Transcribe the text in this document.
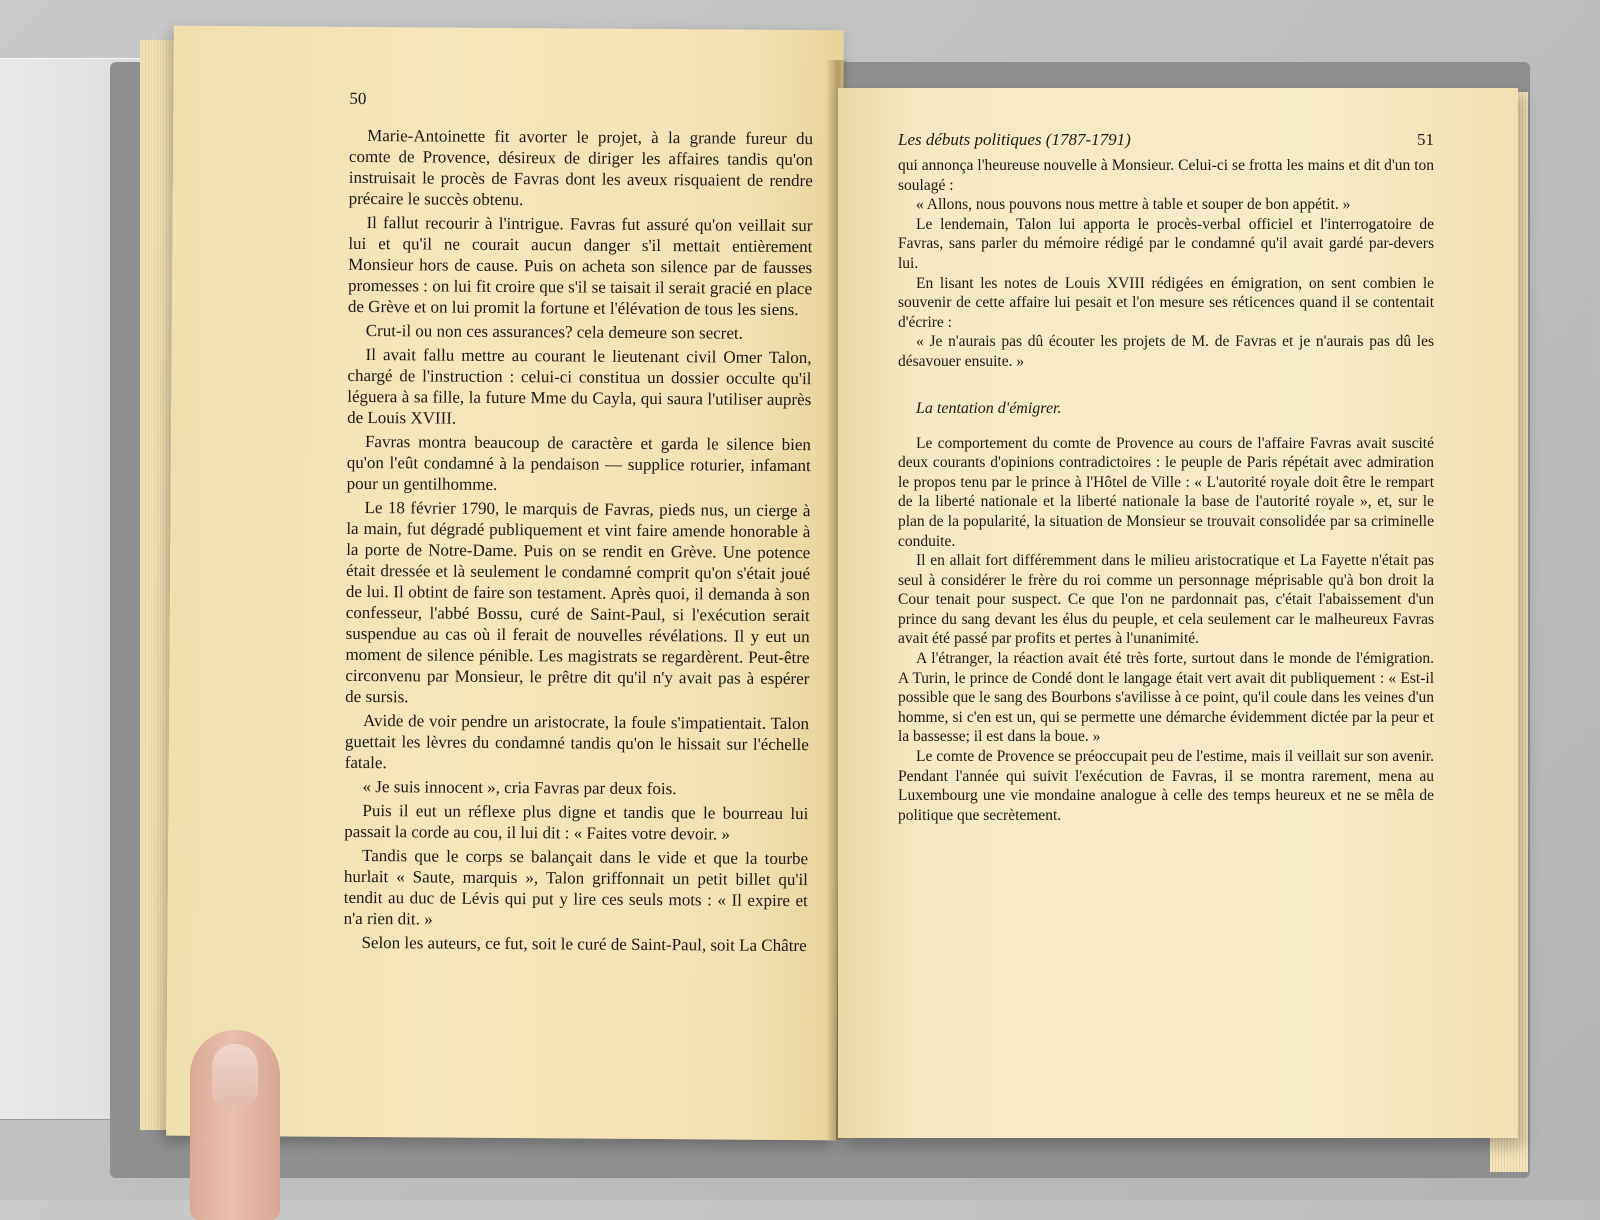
50

Marie-Antoinette fit avorter le projet, à la grande fureur du comte de Provence, désireux de diriger les affaires tandis qu'on instruisait le procès de Favras dont les aveux risquaient de rendre précaire le succès obtenu.

Il fallut recourir à l'intrigue. Favras fut assuré qu'on veillait sur lui et qu'il ne courait aucun danger s'il mettait entièrement Monsieur hors de cause. Puis on acheta son silence par de fausses promesses : on lui fit croire que s'il se taisait il serait gracié en place de Grève et on lui promit la fortune et l'élévation de tous les siens.

Crut-il ou non ces assurances? cela demeure son secret.

Il avait fallu mettre au courant le lieutenant civil Omer Talon, chargé de l'instruction : celui-ci constitua un dossier occulte qu'il léguera à sa fille, la future Mme du Cayla, qui saura l'utiliser auprès de Louis XVIII.

Favras montra beaucoup de caractère et garda le silence bien qu'on l'eût condamné à la pendaison — supplice roturier, infamant pour un gentilhomme.

Le 18 février 1790, le marquis de Favras, pieds nus, un cierge à la main, fut dégradé publiquement et vint faire amende honorable à la porte de Notre-Dame. Puis on se rendit en Grève. Une potence était dressée et là seulement le condamné comprit qu'on s'était joué de lui. Il obtint de faire son testament. Après quoi, il demanda à son confesseur, l'abbé Bossu, curé de Saint-Paul, si l'exécution serait suspendue au cas où il ferait de nouvelles révélations. Il y eut un moment de silence pénible. Les magistrats se regardèrent. Peut-être circonvenu par Monsieur, le prêtre dit qu'il n'y avait pas à espérer de sursis.

Avide de voir pendre un aristocrate, la foule s'impatientait. Talon guettait les lèvres du condamné tandis qu'on le hissait sur l'échelle fatale.

« Je suis innocent », cria Favras par deux fois.

Puis il eut un réflexe plus digne et tandis que le bourreau lui passait la corde au cou, il lui dit : « Faites votre devoir. »

Tandis que le corps se balançait dans le vide et que la tourbe hurlait « Saute, marquis », Talon griffonnait un petit billet qu'il tendit au duc de Lévis qui put y lire ces seuls mots : « Il expire et n'a rien dit. »

Selon les auteurs, ce fut, soit le curé de Saint-Paul, soit La Châtre

Les débuts politiques (1787-1791)	51

qui annonça l'heureuse nouvelle à Monsieur. Celui-ci se frotta les mains et dit d'un ton soulagé :

« Allons, nous pouvons nous mettre à table et souper de bon appétit. »

Le lendemain, Talon lui apporta le procès-verbal officiel et l'interrogatoire de Favras, sans parler du mémoire rédigé par le condamné qu'il avait gardé par-devers lui.

En lisant les notes de Louis XVIII rédigées en émigration, on sent combien le souvenir de cette affaire lui pesait et l'on mesure ses réticences quand il se contentait d'écrire :

« Je n'aurais pas dû écouter les projets de M. de Favras et je n'aurais pas dû les désavouer ensuite. »

La tentation d'émigrer.

Le comportement du comte de Provence au cours de l'affaire Favras avait suscité deux courants d'opinions contradictoires : le peuple de Paris répétait avec admiration le propos tenu par le prince à l'Hôtel de Ville : « L'autorité royale doit être le rempart de la liberté nationale et la liberté nationale la base de l'autorité royale », et, sur le plan de la popularité, la situation de Monsieur se trouvait consolidée par sa criminelle conduite.

Il en allait fort différemment dans le milieu aristocratique et La Fayette n'était pas seul à considérer le frère du roi comme un personnage méprisable qu'à bon droit la Cour tenait pour suspect. Ce que l'on ne pardonnait pas, c'était l'abaissement d'un prince du sang devant les élus du peuple, et cela seulement car le malheureux Favras avait été passé par profits et pertes à l'unanimité.

A l'étranger, la réaction avait été très forte, surtout dans le monde de l'émigration. A Turin, le prince de Condé dont le langage était vert avait dit publiquement : « Est-il possible que le sang des Bourbons s'avilisse à ce point, qu'il coule dans les veines d'un homme, si c'en est un, qui se permette une démarche évidemment dictée par la peur et la bassesse; il est dans la boue. »

Le comte de Provence se préoccupait peu de l'estime, mais il veillait sur son avenir. Pendant l'année qui suivit l'exécution de Favras, il se montra rarement, mena au Luxembourg une vie mondaine analogue à celle des temps heureux et ne se mêla de politique que secrètement.
